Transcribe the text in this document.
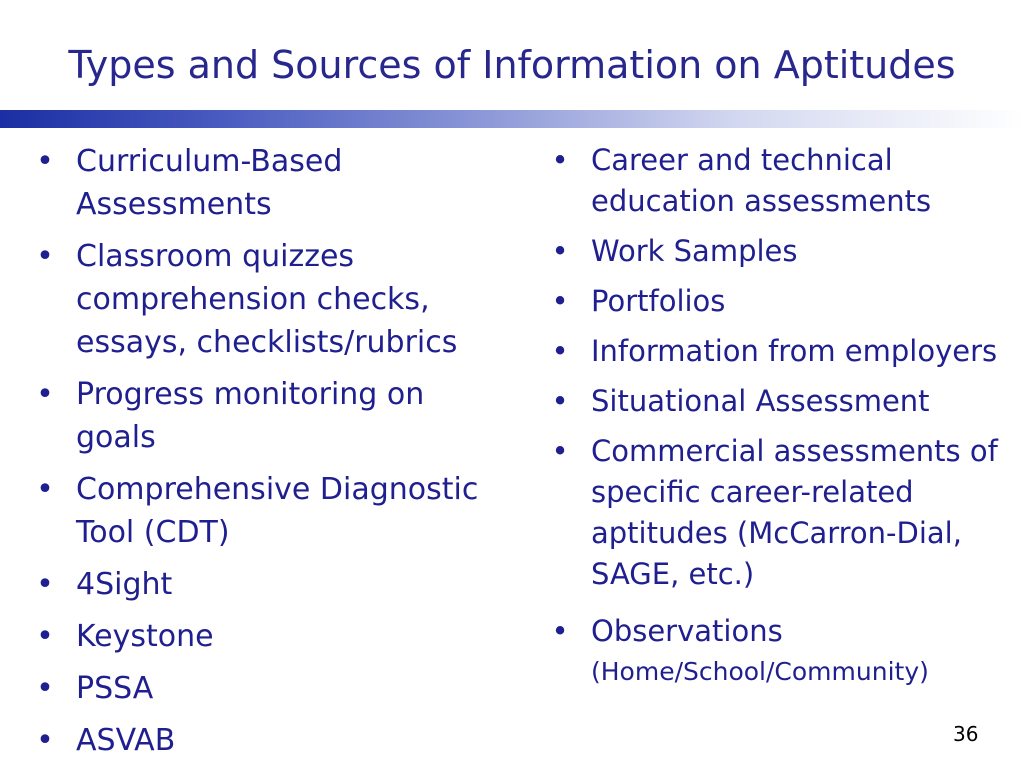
Types and Sources of Information on Aptitudes
• Curriculum-Based Assessments
• Classroom quizzes comprehension checks, essays, checklists/rubrics
• Progress monitoring on goals
• Comprehensive Diagnostic Tool (CDT)
• 4Sight
• Keystone
• PSSA
• ASVAB
• Career and technical education assessments
• Work Samples
• Portfolios
• Information from employers
• Situational Assessment
• Commercial assessments of specific career-related aptitudes (McCarron-Dial, SAGE, etc.)
• Observations
(Home/School/Community)
36
